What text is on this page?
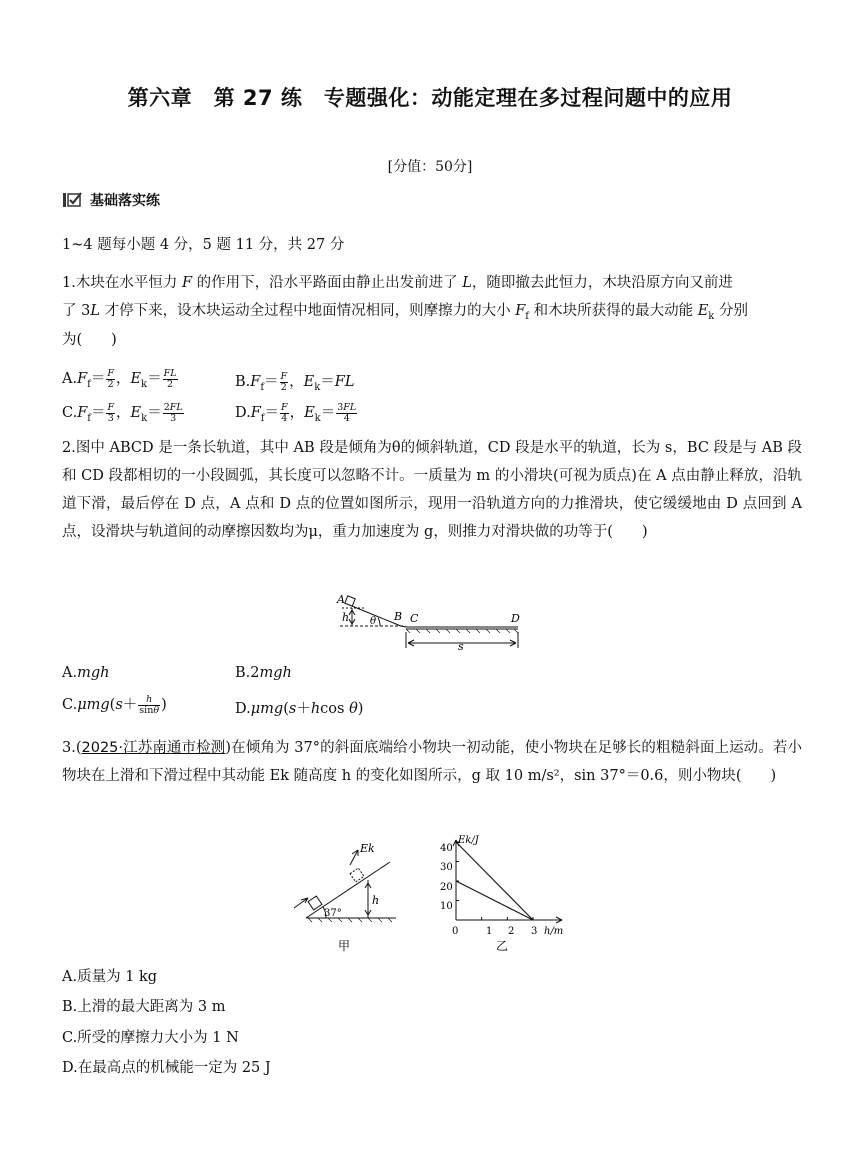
第六章　第 27 练　专题强化：动能定理在多过程问题中的应用
[分值：50分]
基础落实练
1~4 题每小题 4 分，5 题 11 分，共 27 分
1.木块在水平恒力 F 的作用下，沿水平路面由静止出发前进了 L，随即撤去此恒力，木块沿原方向又前进
了 3L 才停下来，设木块运动全过程中地面情况相同，则摩擦力的大小 $F_f$ 和木块所获得的最大动能 $E_k$ 分别
为(　　)
$A.F_f= \frac{F}{2}$ ，$E_k= \frac{FL}{2}$	$B.F_f= \frac{F}{2}$ ，$E_k=FL$
$C.F_f= \frac{F}{3}$ ，$E_k= \frac{2FL}{3}$	$D.F_f= \frac{F}{4}$ ，$E_k= \frac{3FL}{4}$
2.图中 ABCD 是一条长轨道，其中 AB 段是倾角为θ的倾斜轨道，CD 段是水平的轨道，长为 s，BC 段是与 AB 段和 CD 段都相切的一小段圆弧，其长度可以忽略不计。一质量为 m 的小滑块(可视为质点)在 A 点由静止释放，沿轨道下滑，最后停在 D 点，A 点和 D 点的位置如图所示，现用一沿轨道方向的力推滑块，使它缓缓地由 D 点回到 A 点，设滑块与轨道间的动摩擦因数均为μ，重力加速度为 g，则推力对滑块做的功等于(　　)
A
h θ B C	D
s
A.mgh	B.2mgh
$C.\mu mg(s+ \frac{h}{\sin\theta}$ )	D.μmg(s＋hcos θ)
3.(2025·江苏南通市检测)在倾角为 37°的斜面底端给小物块一初动能，使小物块在足够长的粗糙斜面上运动。若小物块在上滑和下滑过程中其动能 Ek 随高度 h 的变化如图所示，g 取 10 m/s²，sin 37°＝0.6，则小物块(　　)
Ek
h
37°
甲
Ek/J
h/m
0	1 2 3
10
20
30
40
乙
A.质量为 1 kg
B.上滑的最大距离为 3 m
C.所受的摩擦力大小为 1 N
D.在最高点的机械能一定为 25 J
